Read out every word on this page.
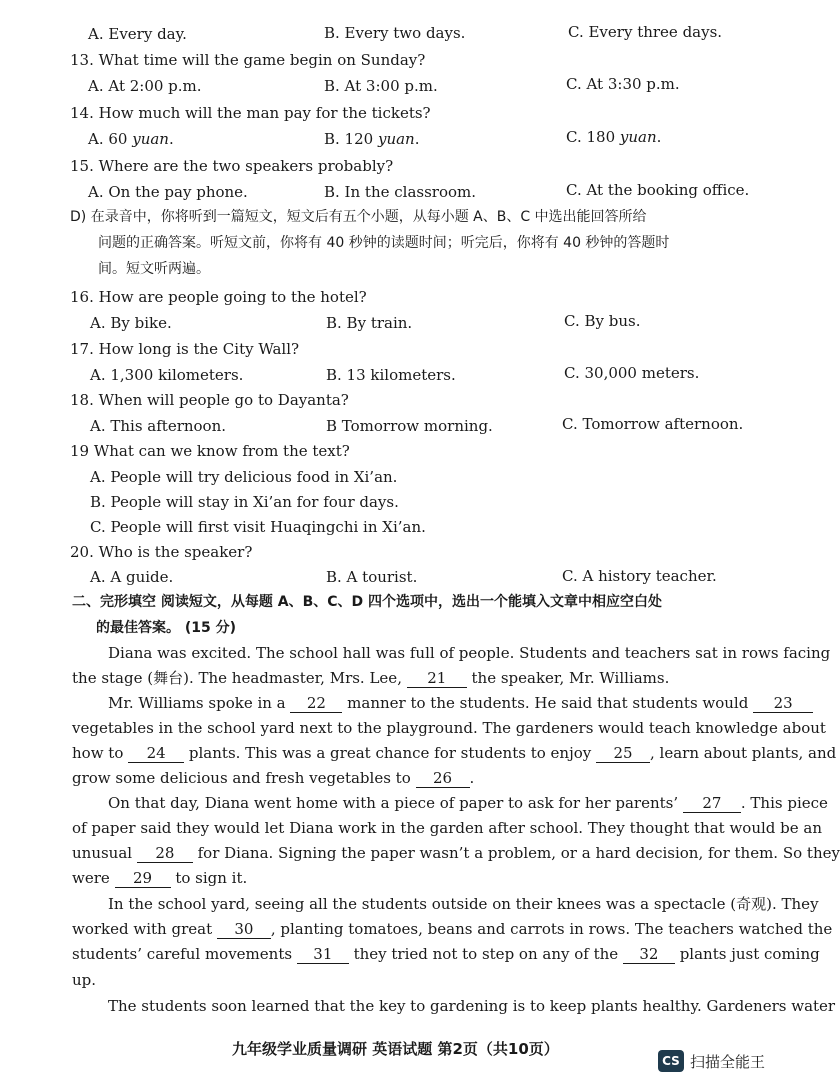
A. Every day.	B. Every two days.	C. Every three days.
13. What time will the game begin on Sunday?
A. At 2:00 p.m.	B. At 3:00 p.m.	C. At 3:30 p.m.
14. How much will the man pay for the tickets?
A. 60 yuan.	B. 120 yuan.	C. 180 yuan.
15. Where are the two speakers probably?
A. On the pay phone.	B. In the classroom.	C. At the booking office.
D) 在录音中，你将听到一篇短文，短文后有五个小题，从每小题 A、B、C 中选出能回答所给
问题的正确答案。听短文前，你将有 40 秒钟的读题时间；听完后，你将有 40 秒钟的答题时
间。短文听两遍。
16. How are people going to the hotel?
A. By bike.	B. By train.	C. By bus.
17. How long is the City Wall?
A. 1,300 kilometers.	B. 13 kilometers.	C. 30,000 meters.
18. When will people go to Dayanta?
A. This afternoon.	B Tomorrow morning.	C. Tomorrow afternoon.
19 What can we know from the text?
A. People will try delicious food in Xi’an.
B. People will stay in Xi’an for four days.
C. People will first visit Huaqingchi in Xi’an.
20. Who is the speaker?
A. A guide.	B. A tourist.	C. A history teacher.
二、完形填空 阅读短文，从每题 A、B、C、D 四个选项中，选出一个能填入文章中相应空白处
的最佳答案。 (15 分)
Diana was excited. The school hall was full of people. Students and teachers sat in rows facing
the stage (舞台). The headmaster, Mrs. Lee, 21 the speaker, Mr. Williams.
Mr. Williams spoke in a 22 manner to the students. He said that students would 23
vegetables in the school yard next to the playground. The gardeners would teach knowledge about
how to 24 plants. This was a great chance for students to enjoy 25 , learn about plants, and
grow some delicious and fresh vegetables to 26 .
On that day, Diana went home with a piece of paper to ask for her parents’ 27 . This piece
of paper said they would let Diana work in the garden after school. They thought that would be an
unusual 28 for Diana. Signing the paper wasn’t a problem, or a hard decision, for them. So they
were 29 to sign it.
In the school yard, seeing all the students outside on their knees was a spectacle (奇观). They
worked with great 30 , planting tomatoes, beans and carrots in rows. The teachers watched the
students’ careful movements 31 they tried not to step on any of the 32 plants just coming
up.
The students soon learned that the key to gardening is to keep plants healthy. Gardeners water
九年级学业质量调研 英语试题 第2页（共10页）
CS 扫描全能王
